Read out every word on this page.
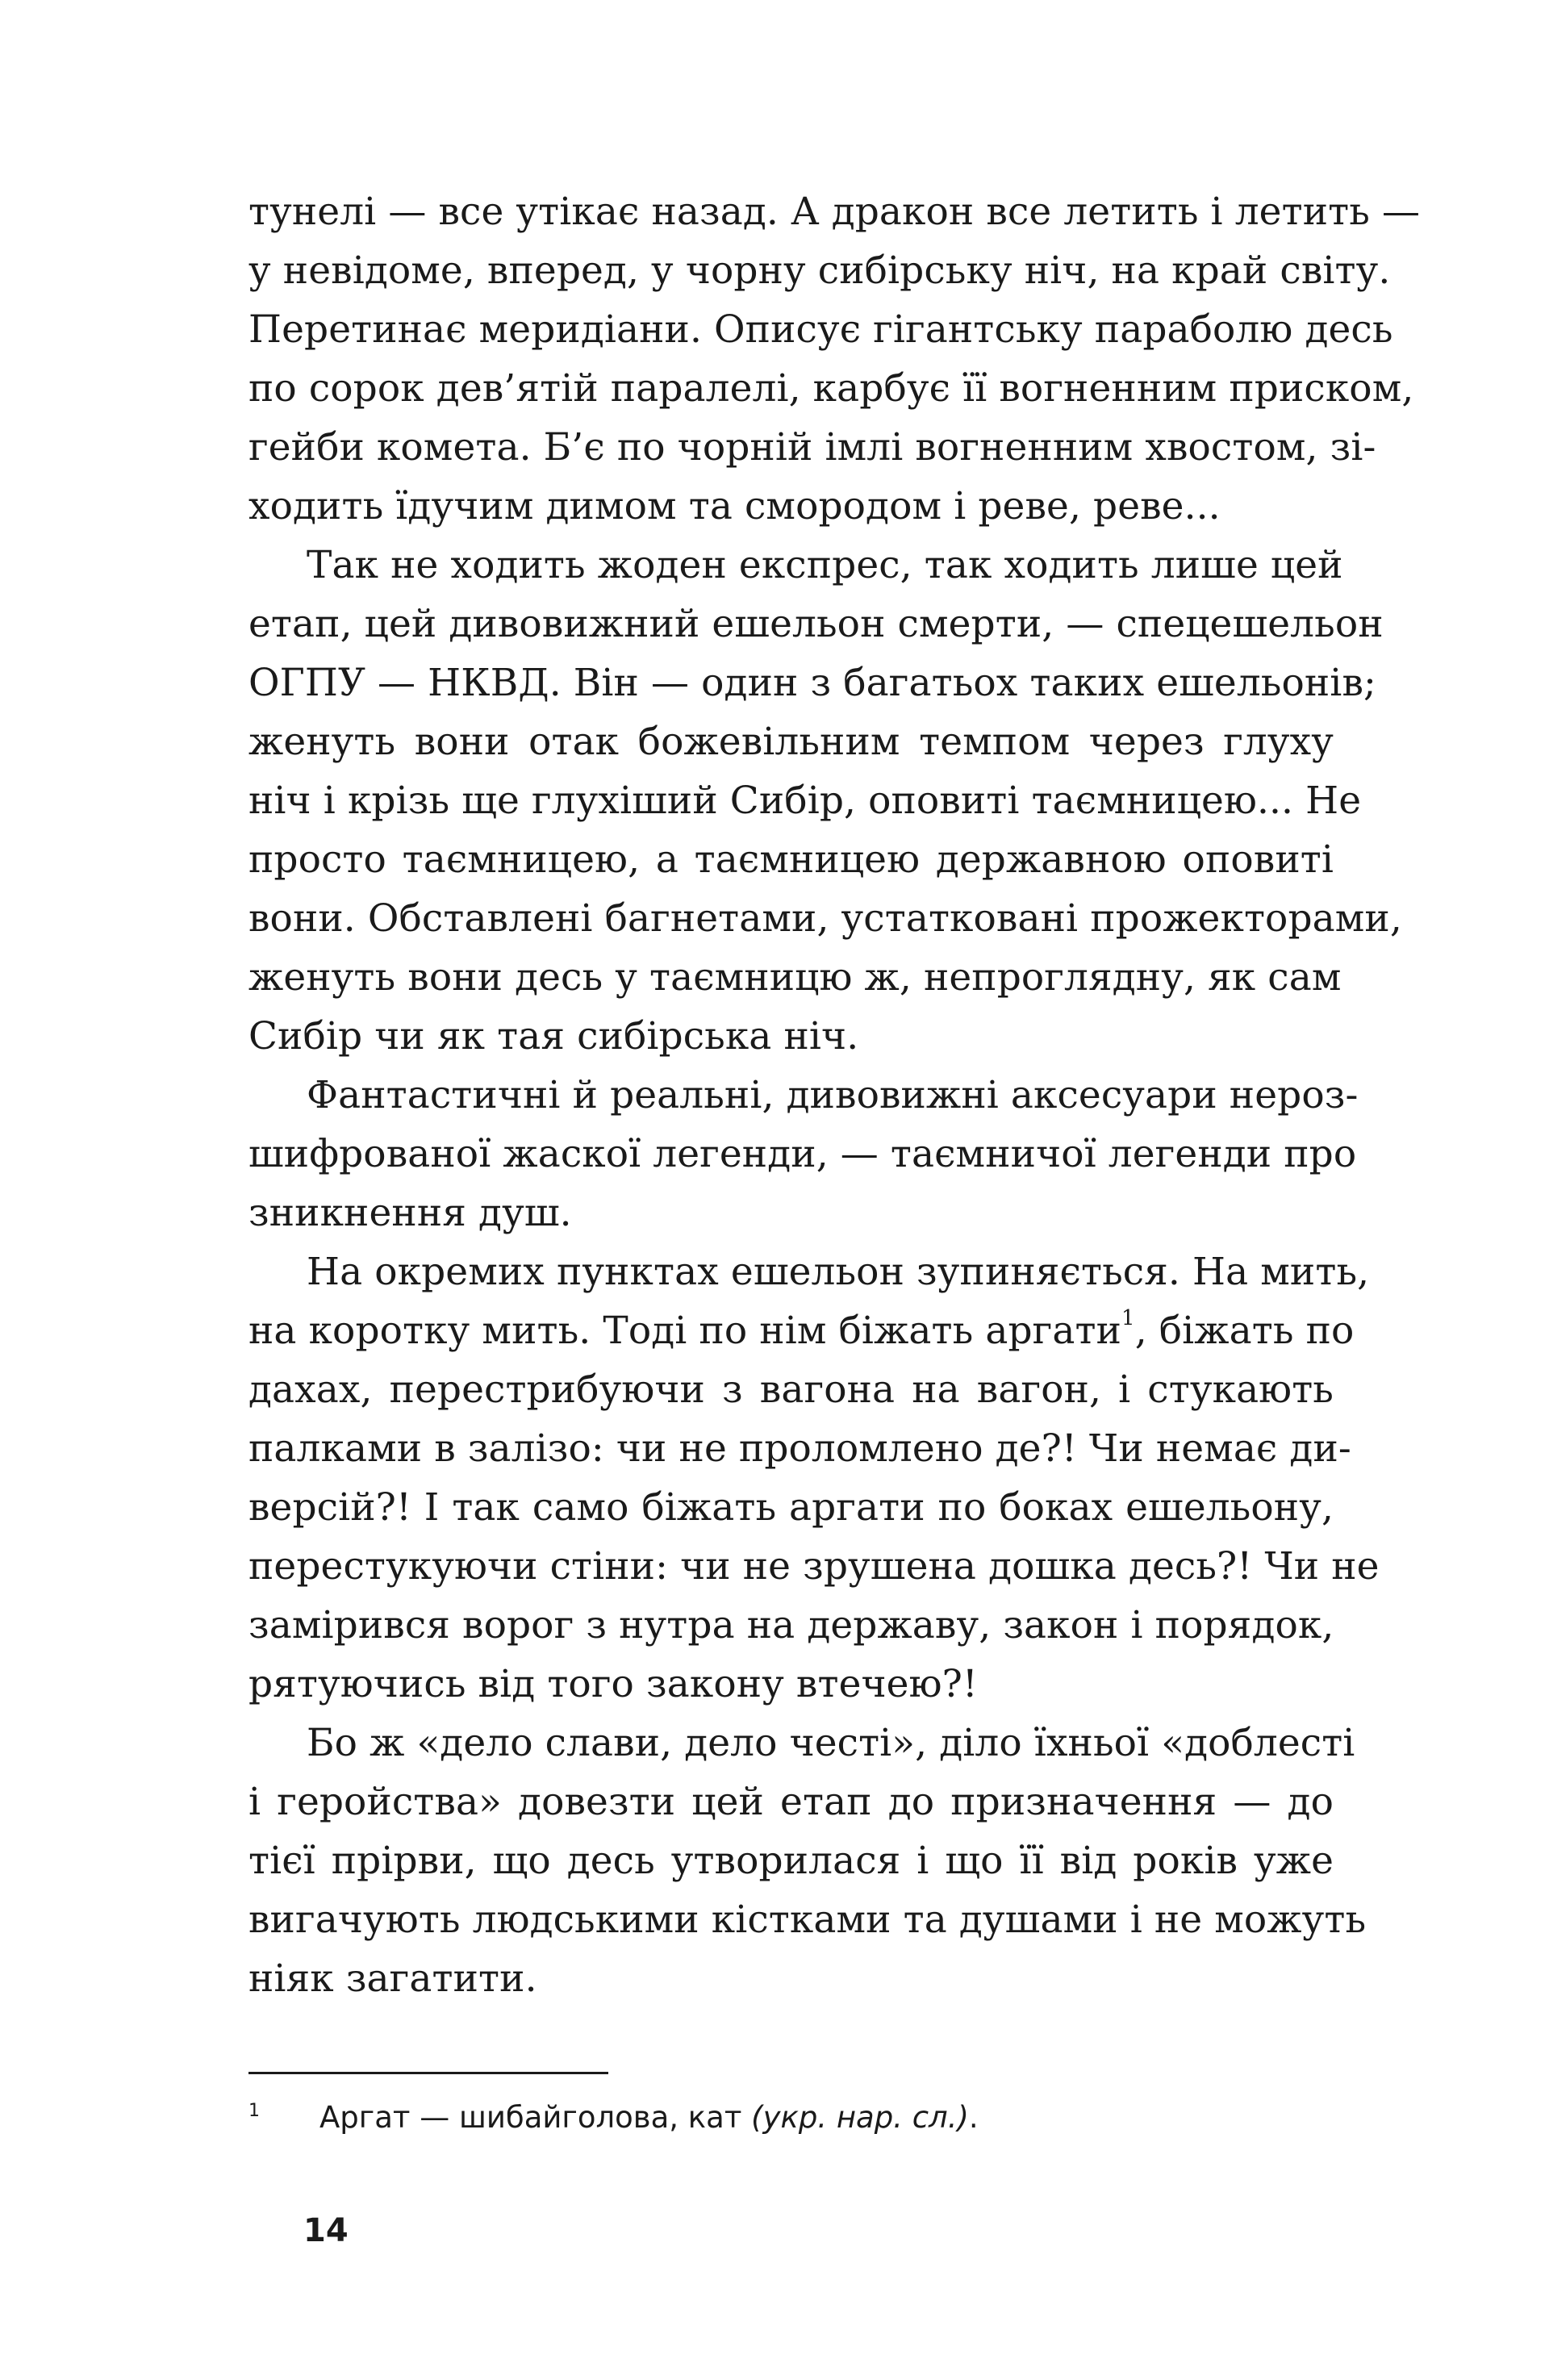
тунелі — все утікає назад. А дракон все летить і летить —
у невідоме, вперед, у чорну сибірську ніч, на край світу.
Перетинає меридіани. Описує гігантську параболю десь
по сорок дев’ятій паралелі, карбує її вогненним приском,
гейби комета. Б’є по чорній імлі вогненним хвостом, зі-
ходить їдучим димом та смородом і реве, реве...
Так не ходить жоден експрес, так ходить лише цей
етап, цей дивовижний ешельон смерти, — спецешельон
ОГПУ — НКВД. Він — один з багатьох таких ешельонів;
женуть вони отак божевільним темпом через глуху
ніч і крізь ще глухіший Сибір, оповиті таємницею... Не
просто таємницею, а таємницею державною оповиті
вони. Обставлені багнетами, устатковані прожекторами,
женуть вони десь у таємницю ж, непроглядну, як сам
Сибір чи як тая сибірська ніч.
Фантастичні й реальні, дивовижні аксесуари нероз-
шифрованої жаскої легенди, — таємничої легенди про
зникнення душ.
На окремих пунктах ешельон зупиняється. На мить,
на коротку мить. Тоді по нім біжать аргати$^1$, біжать по
дахах, перестрибуючи з вагона на вагон, і стукають
палками в залізо: чи не проломлено де?! Чи немає ди-
версій?! І так само біжать аргати по боках ешельону,
перестукуючи стіни: чи не зрушена дошка десь?! Чи не
замірився ворог з нутра на державу, закон і порядок,
рятуючись від того закону втечею?!
Бо ж «дело слави, дело честі», діло їхньої «доблесті
і геройства» довезти цей етап до призначення — до
тієї прірви, що десь утворилася і що її від років уже
вигачують людськими кістками та душами і не можуть
ніяк загатити.
1 Аргат — шибайголова, кат (укр. нар. сл.).
14
